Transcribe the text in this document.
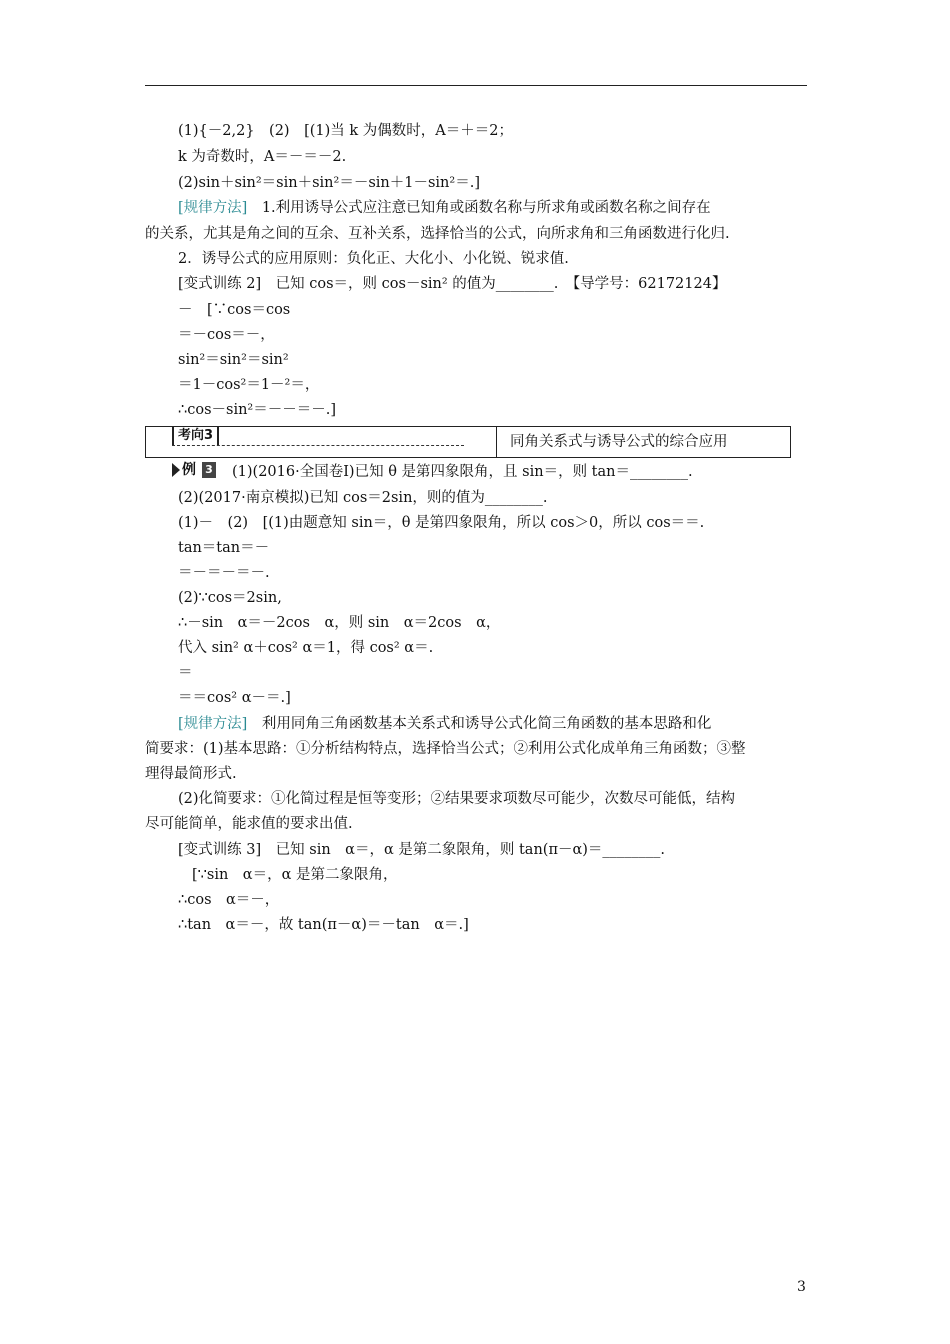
(1){－2,2}　(2)　[(1)当 k 为偶数时，A＝＋＝2；
k 为奇数时，A＝－＝－2.
(2)sin＋sin²＝sin＋sin²＝－sin＋1－sin²＝.]
[规律方法]　1.利用诱导公式应注意已知角或函数名称与所求角或函数名称之间存在
的关系，尤其是角之间的互余、互补关系，选择恰当的公式，向所求角和三角函数进行化归.
2．诱导公式的应用原则：负化正、大化小、小化锐、锐求值.
[变式训练 2]　已知 cos＝，则 cos－sin² 的值为________.　【导学号：62172124】
－　[∵cos＝cos
＝－cos＝－，
sin²＝sin²＝sin²
＝1－cos²＝1－²＝，
∴cos－sin²＝－－＝－.]
考向3	同角关系式与诱导公式的综合应用
例 3 (1)(2016·全国卷Ⅰ)已知 θ 是第四象限角，且 sin＝，则 tan＝________.
(2)(2017·南京模拟)已知 cos＝2sin，则的值为________.
(1)－　(2)　[(1)由题意知 sin＝，θ 是第四象限角，所以 cos＞0，所以 cos＝＝.
tan＝tan＝－
＝－＝－＝－.
(2)∵cos＝2sin,
∴－sin　α＝－2cos　α，则 sin　α＝2cos　α，
代入 sin² α＋cos² α＝1，得 cos² α＝.
＝
＝＝cos² α－＝.]
[规律方法]　利用同角三角函数基本关系式和诱导公式化简三角函数的基本思路和化
简要求：(1)基本思路：①分析结构特点，选择恰当公式；②利用公式化成单角三角函数；③整
理得最简形式.
(2)化简要求：①化简过程是恒等变形；②结果要求项数尽可能少，次数尽可能低，结构
尽可能简单，能求值的要求出值.
[变式训练 3]　已知 sin　α＝，α 是第二象限角，则 tan(π－α)＝________.
[∵sin　α＝，α 是第二象限角，
∴cos　α＝－，
∴tan　α＝－，故 tan(π－α)＝－tan　α＝.]
3
